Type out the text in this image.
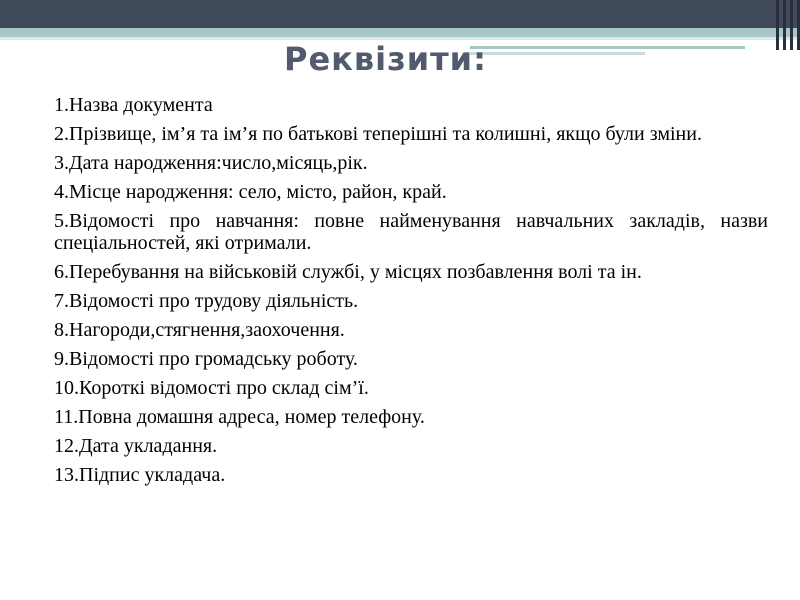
Реквізити:
1.Назва документа
2.Прізвище, ім’я та ім’я по батькові теперішні та колишні, якщо були зміни.
3.Дата народження:число,місяць,рік.
4.Місце народження: село, місто, район, край.
5.Відомості про навчання: повне найменування навчальних закладів, назви спеціальностей, які отримали.
6.Перебування на військовій службі, у місцях позбавлення волі та ін.
7.Відомості про трудову діяльність.
8.Нагороди,стягнення,заохочення.
9.Відомості про громадську роботу.
10.Короткі відомості про склад сім’ї.
11.Повна домашня адреса, номер телефону.
12.Дата укладання.
13.Підпис укладача.
